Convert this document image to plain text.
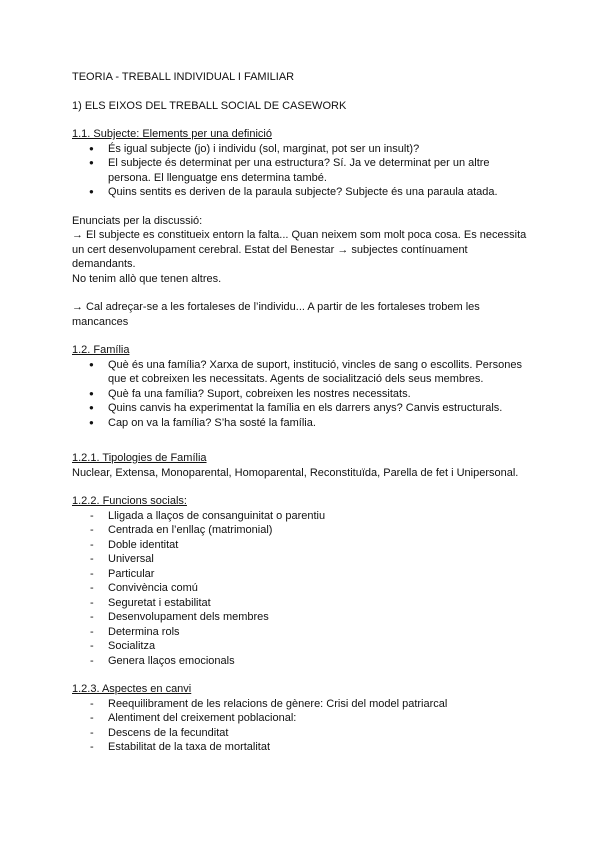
TEORIA - TREBALL INDIVIDUAL I FAMILIAR

1) ELS EIXOS DEL TREBALL SOCIAL DE CASEWORK

1.1. Subjecte: Elements per una definició

● És igual subjecte (jo) i individu (sol, marginat, pot ser un insult)?
● El subjecte és determinat per una estructura? Sí. Ja ve determinat per un altre persona. El llenguatge ens determina també.
● Quins sentits es deriven de la paraula subjecte? Subjecte és una paraula atada.

Enunciats per la discussió:

→ El subjecte es constitueix entorn la falta... Quan neixem som molt poca cosa. Es necessita un cert desenvolupament cerebral. Estat del Benestar → subjectes contínuament demandants.

No tenim allò que tenen altres.

→ Cal adreçar-se a les fortaleses de l’individu... A partir de les fortaleses trobem les mancances

1.2. Família

● Què és una família? Xarxa de suport, institució, vincles de sang o escollits. Persones que et cobreixen les necessitats. Agents de socialització dels seus membres.
● Què fa una família? Suport, cobreixen les nostres necessitats.
● Quins canvis ha experimentat la família en els darrers anys? Canvis estructurals.
● Cap on va la família? S’ha sosté la família.

1.2.1. Tipologies de Família

Nuclear, Extensa, Monoparental, Homoparental, Reconstituïda, Parella de fet i Unipersonal.

1.2.2. Funcions socials:

- Lligada a llaços de consanguinitat o parentiu
- Centrada en l’enllaç (matrimonial)
- Doble identitat
- Universal
- Particular
- Convivència comú
- Seguretat i estabilitat
- Desenvolupament dels membres
- Determina rols
- Socialitza
- Genera llaços emocionals

1.2.3. Aspectes en canvi

- Reequilibrament de les relacions de gènere: Crisi del model patriarcal
- Alentiment del creixement poblacional:
- Descens de la fecunditat
- Estabilitat de la taxa de mortalitat
